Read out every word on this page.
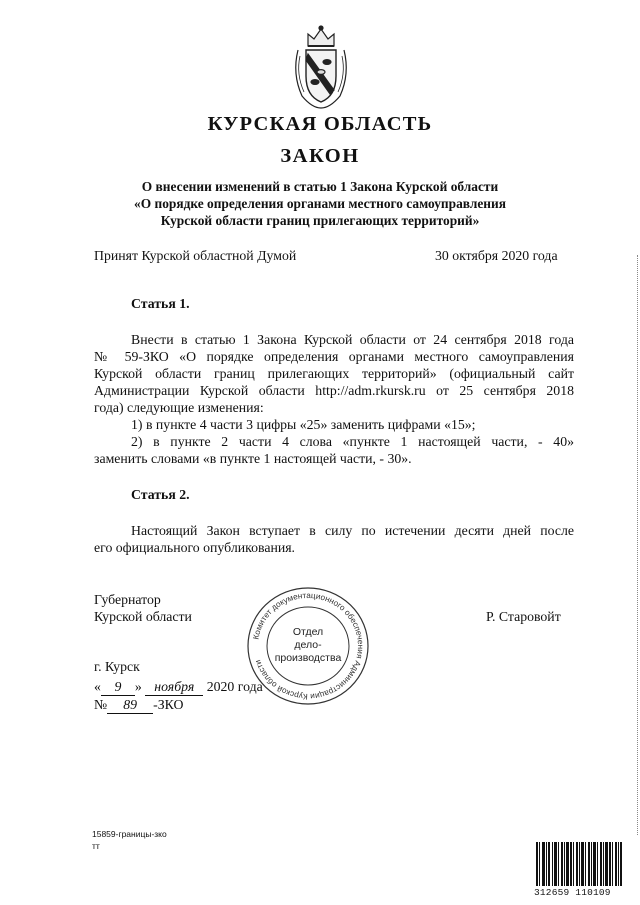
КУРСКАЯ ОБЛАСТЬ
ЗАКОН
О внесении изменений в статью 1 Закона Курской области
«О порядке определения органами местного самоуправления
Курской области границ прилегающих территорий»
Принят Курской областной Думой	30 октября 2020 года
Статья 1.
Внести в статью 1 Закона Курской области от 24 сентября 2018 года
№ 59-ЗКО «О порядке определения органами местного самоуправления
Курской области границ прилегающих территорий» (официальный сайт
Администрации Курской области http://adm.rkursk.ru от 25 сентября 2018
года) следующие изменения:
1) в пункте 4 части 3 цифры «25» заменить цифрами «15»;
2) в пункте 2 части 4 слова «пункте 1 настоящей части, - 40»
заменить словами «в пункте 1 настоящей части, - 30».
Статья 2.
Настоящий Закон вступает в силу по истечении десяти дней после
его официального опубликования.
Губернатор
Курской области	Р. Старовойт
г. Курск
« 9 » ноября 2020 года
№ 89 -ЗКО
Комитет документационного обеспечения Администрации Курской области
Отдел
дело-
производства
15859-границы-зко
тт
312659 110109
